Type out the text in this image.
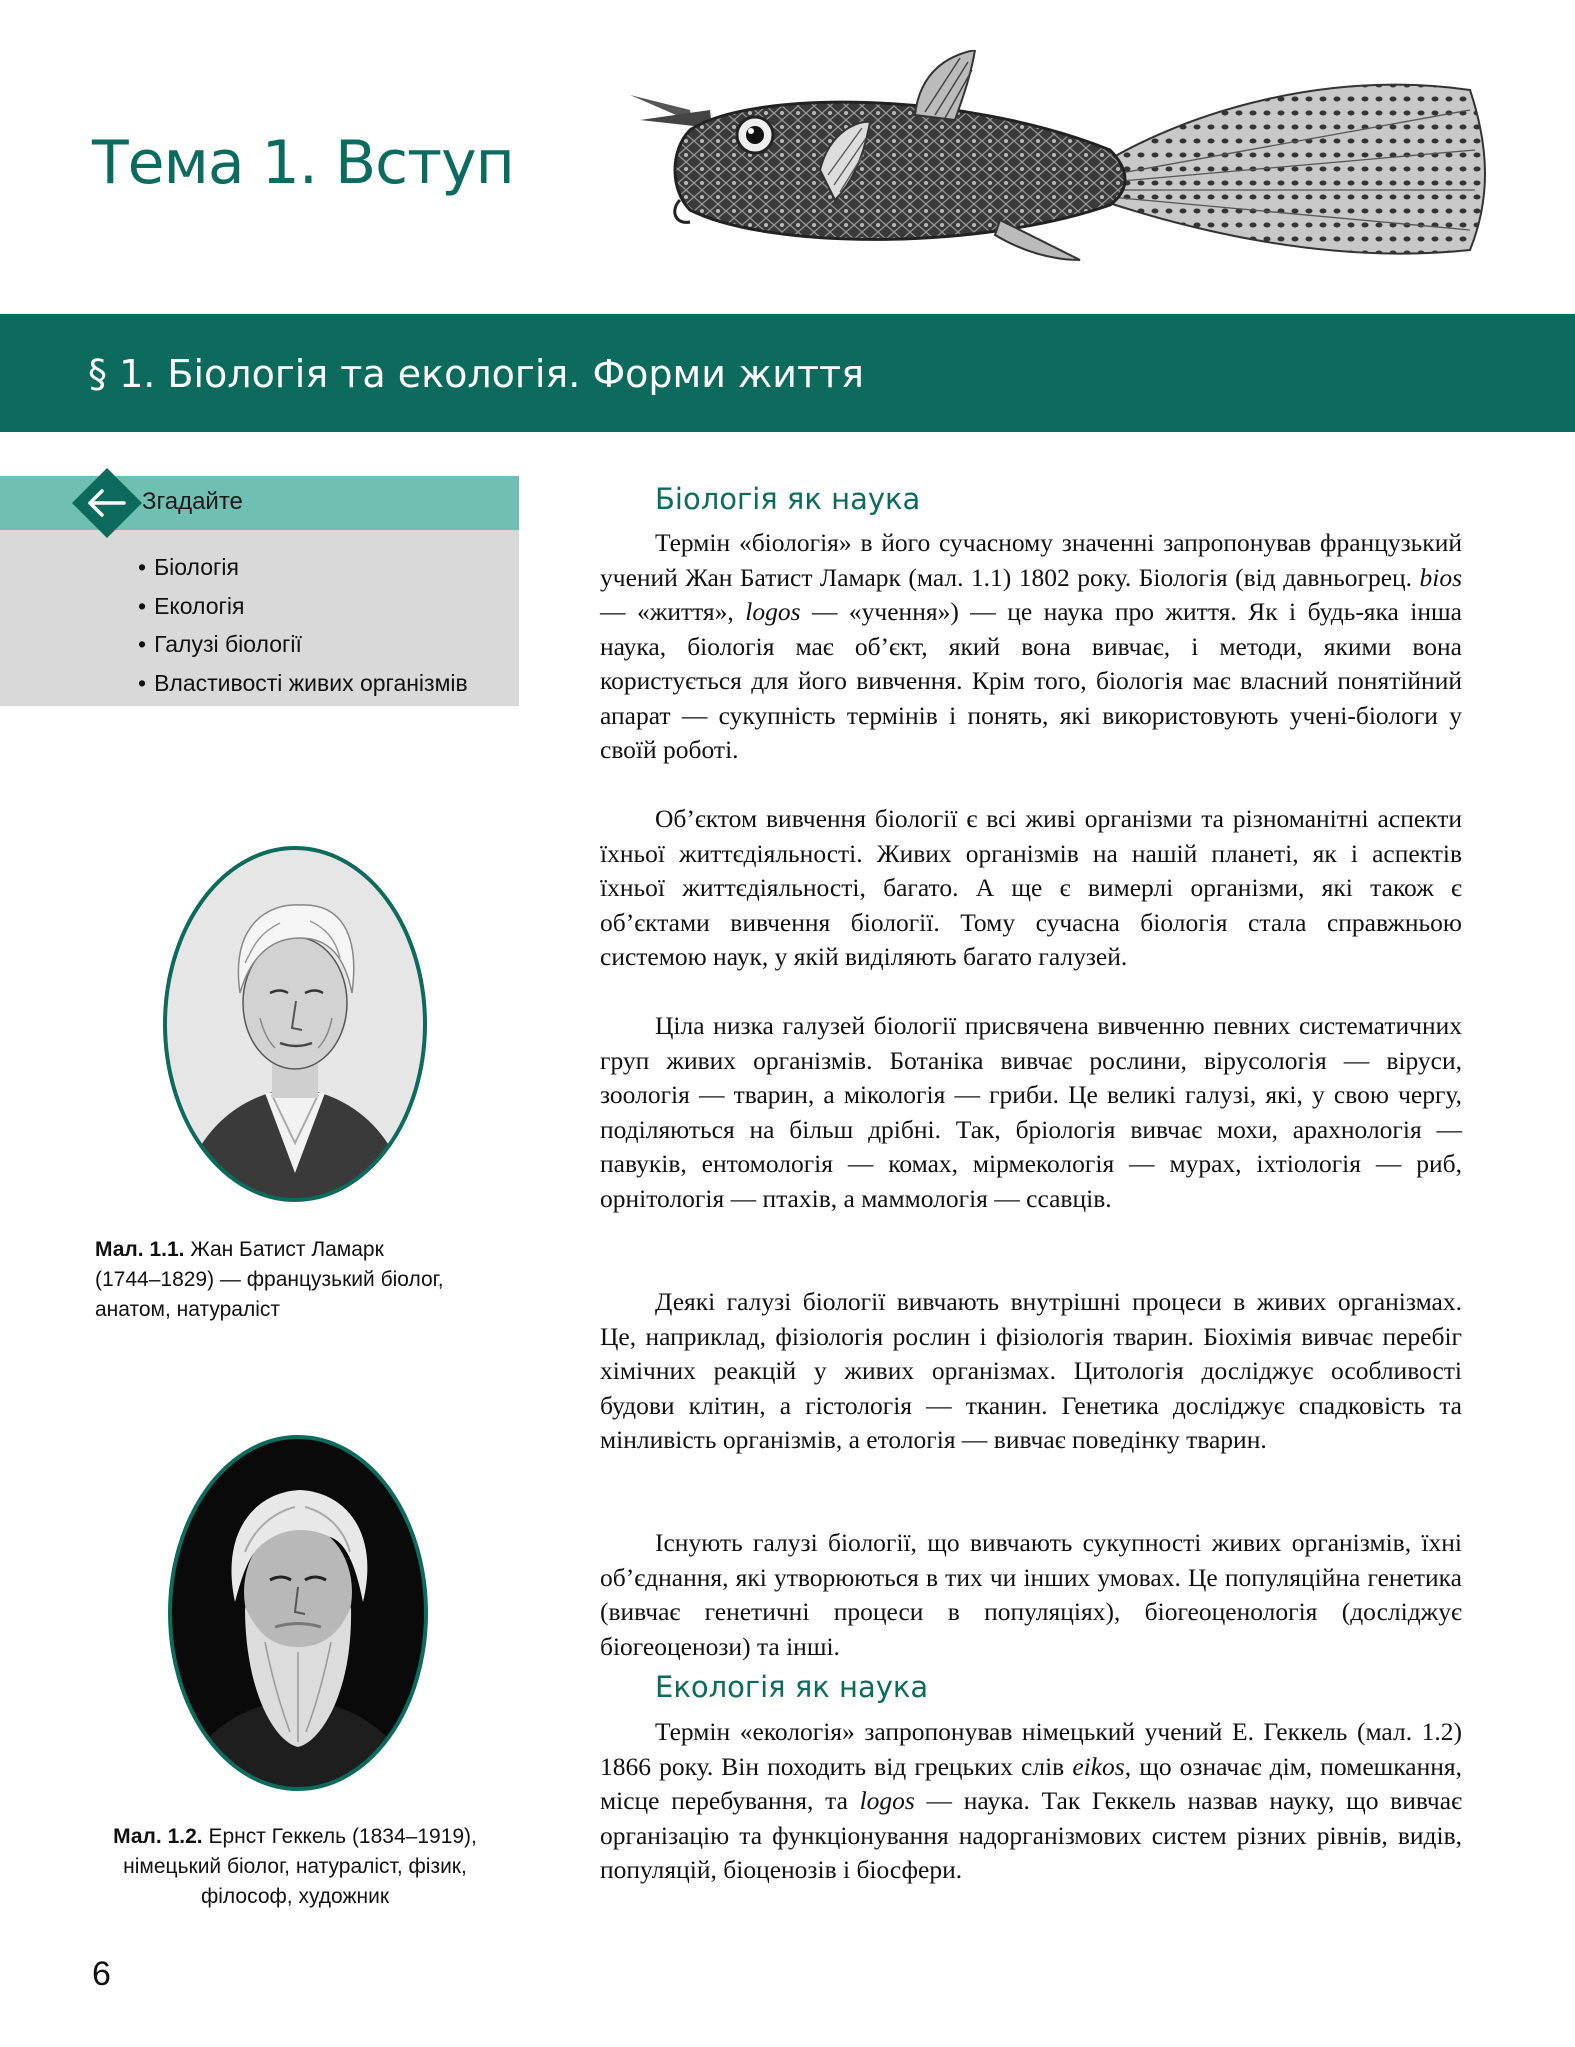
Тема 1. Вступ
§ 1. Біологія та екологія. Форми життя
Згадайте
• Біологія
• Екологія
• Галузі біології
• Властивості живих організмів
Мал. 1.1. Жан Батист Ламарк
(1744–1829) — французький біолог,
анатом, натураліст
Мал. 1.2. Ернст Геккель (1834–1919),
німецький біолог, натураліст, фізик,
філософ, художник
Біологія як наука

Термін «біологія» в його сучасному значенні запропонував французький учений Жан Батист Ламарк (мал. 1.1) 1802 року. Біологія (від давньогрец. bios — «життя», logos — «учення») — це наука про життя. Як і будь-яка інша наука, біологія має об’єкт, який вона вивчає, і методи, якими вона користується для його вивчення. Крім того, біологія має власний понятійний апарат — сукупність термінів і понять, які використовують учені-біологи у своїй роботі.

Об’єктом вивчення біології є всі живі організми та різноманітні аспекти їхньої життєдіяльності. Живих організмів на нашій планеті, як і аспектів їхньої життєдіяльності, багато. А ще є вимерлі організми, які також є об’єктами вивчення біології. Тому сучасна біологія стала справжньою системою наук, у якій виділяють багато галузей.

Ціла низка галузей біології присвячена вивченню певних систематичних груп живих організмів. Ботаніка вивчає рослини, вірусологія — віруси, зоологія — тварин, а мікологія — гриби. Це великі галузі, які, у свою чергу, поділяються на більш дрібні. Так, бріологія вивчає мохи, арахнологія — павуків, ентомологія — комах, мірмекологія — мурах, іхтіологія — риб, орнітологія — птахів, а маммологія — ссавців.

Деякі галузі біології вивчають внутрішні процеси в живих організмах. Це, наприклад, фізіологія рослин і фізіологія тварин. Біохімія вивчає перебіг хімічних реакцій у живих організмах. Цитологія досліджує особливості будови клітин, а гістологія — тканин. Генетика досліджує спадковість та мінливість організмів, а етологія — вивчає поведінку тварин.

Існують галузі біології, що вивчають сукупності живих організмів, їхні об’єднання, які утворюються в тих чи інших умовах. Це популяційна генетика (вивчає генетичні процеси в популяціях), біогеоценологія (досліджує біогеоценози) та інші.

Екологія як наука

Термін «екологія» запропонував німецький учений Е. Геккель (мал. 1.2) 1866 року. Він походить від грецьких слів eikos, що означає дім, помешкання, місце перебування, та logos — наука. Так Геккель назвав науку, що вивчає організацію та функціонування надорганізмових систем різних рівнів, видів, популяцій, біоценозів і біосфери.

6
